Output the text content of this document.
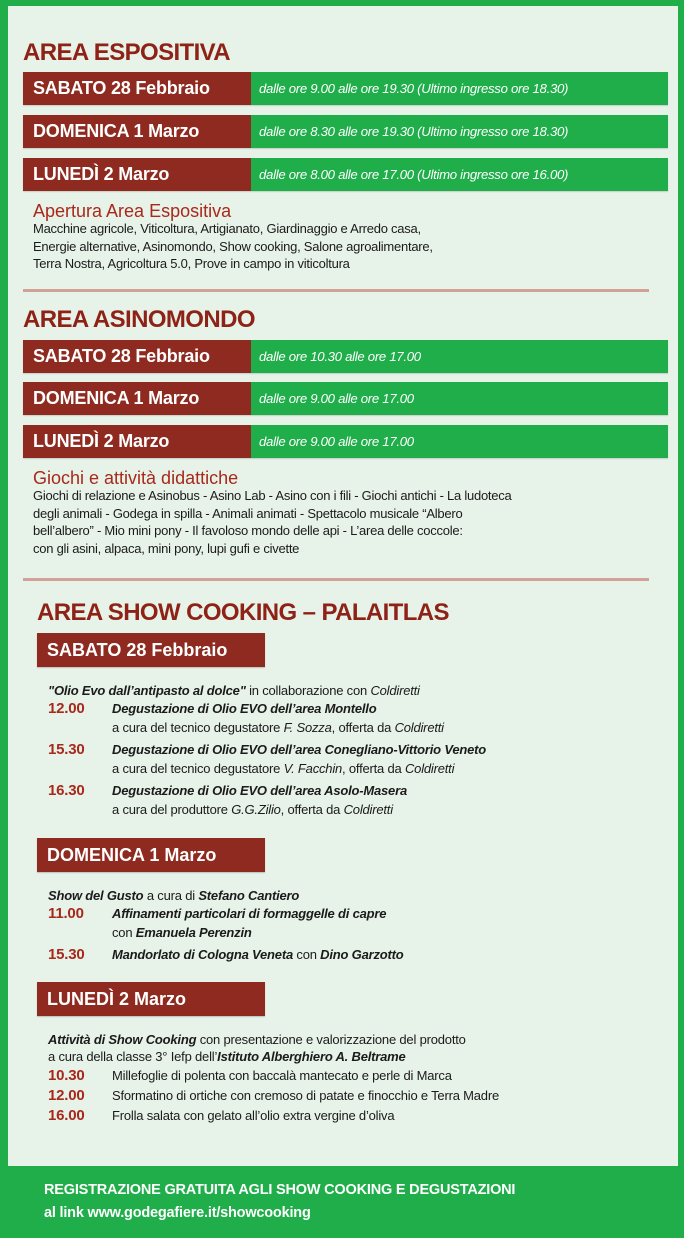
AREA ESPOSITIVA
SABATO 28 Febbraio	dalle ore 9.00 alle ore 19.30 (Ultimo ingresso ore 18.30)
DOMENICA 1 Marzo	dalle ore 8.30 alle ore 19.30 (Ultimo ingresso ore 18.30)
LUNEDÌ 2 Marzo	dalle ore 8.00 alle ore 17.00 (Ultimo ingresso ore 16.00)
Apertura Area Espositiva
Macchine agricole, Viticoltura, Artigianato, Giardinaggio e Arredo casa,
Energie alternative, Asinomondo, Show cooking, Salone agroalimentare,
Terra Nostra, Agricoltura 5.0, Prove in campo in viticoltura
AREA ASINOMONDO
SABATO 28 Febbraio	dalle ore 10.30 alle ore 17.00
DOMENICA 1 Marzo	dalle ore 9.00 alle ore 17.00
LUNEDÌ 2 Marzo	dalle ore 9.00 alle ore 17.00
Giochi e attività didattiche
Giochi di relazione e Asinobus - Asino Lab - Asino con i fili - Giochi antichi - La ludoteca
degli animali - Godega in spilla - Animali animati - Spettacolo musicale “Albero
bell’albero” - Mio mini pony - Il favoloso mondo delle api - L’area delle coccole:
con gli asini, alpaca, mini pony, lupi gufi e civette
AREA SHOW COOKING – PALAITLAS
SABATO 28 Febbraio
"Olio Evo dall’antipasto al dolce" in collaborazione con Coldiretti
12.00 Degustazione di Olio EVO dell’area Montello
a cura del tecnico degustatore F. Sozza, offerta da Coldiretti
15.30 Degustazione di Olio EVO dell’area Conegliano-Vittorio Veneto
a cura del tecnico degustatore V. Facchin, offerta da Coldiretti
16.30 Degustazione di Olio EVO dell’area Asolo-Masera
a cura del produttore G.G.Zilio, offerta da Coldiretti
DOMENICA 1 Marzo
Show del Gusto a cura di Stefano Cantiero
11.00 Affinamenti particolari di formaggelle di capre
con Emanuela Perenzin
15.30 Mandorlato di Cologna Veneta con Dino Garzotto
LUNEDÌ 2 Marzo
Attività di Show Cooking con presentazione e valorizzazione del prodotto
a cura della classe 3° Iefp dell’Istituto Alberghiero A. Beltrame
10.30 Millefoglie di polenta con baccalà mantecato e perle di Marca
12.00 Sformatino di ortiche con cremoso di patate e finocchio e Terra Madre
16.00 Frolla salata con gelato all’olio extra vergine d’oliva
REGISTRAZIONE GRATUITA AGLI SHOW COOKING E DEGUSTAZIONI
al link www.godegafiere.it/showcooking
